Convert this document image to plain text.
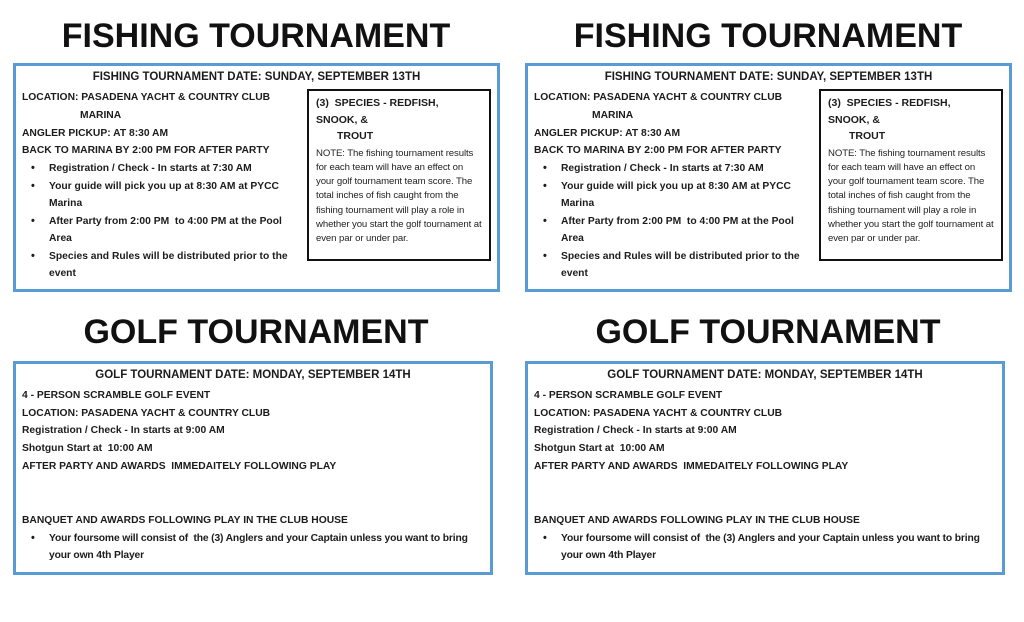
FISHING TOURNAMENT
FISHING TOURNAMENT DATE: SUNDAY, SEPTEMBER 13TH
LOCATION: PASADENA YACHT & COUNTRY CLUB
MARINA
ANGLER PICKUP: AT 8:30 AM
BACK TO MARINA BY 2:00 PM FOR AFTER PARTY
• Registration / Check - In starts at 7:30 AM
• Your guide will pick you up at 8:30 AM at PYCC Marina
• After Party from 2:00 PM  to 4:00 PM at the Pool Area
• Species and Rules will be distributed prior to the event
(3)  SPECIES - REDFISH, SNOOK, &
TROUT
NOTE: The fishing tournament results for each team will have an effect on your golf tournament team score. The total inches of fish caught from the fishing tournament will play a role in whether you start the golf tournament at even par or under par.
GOLF TOURNAMENT
GOLF TOURNAMENT DATE: MONDAY, SEPTEMBER 14TH
4 - PERSON SCRAMBLE GOLF EVENT
LOCATION: PASADENA YACHT & COUNTRY CLUB
Registration / Check - In starts at 9:00 AM
Shotgun Start at  10:00 AM
AFTER PARTY AND AWARDS  IMMEDAITELY FOLLOWING PLAY
BANQUET AND AWARDS FOLLOWING PLAY IN THE CLUB HOUSE
• Your foursome will consist of  the (3) Anglers and your Captain unless you want to bring your own 4th Player
FISHING TOURNAMENT
FISHING TOURNAMENT DATE: SUNDAY, SEPTEMBER 13TH
LOCATION: PASADENA YACHT & COUNTRY CLUB
MARINA
ANGLER PICKUP: AT 8:30 AM
BACK TO MARINA BY 2:00 PM FOR AFTER PARTY
• Registration / Check - In starts at 7:30 AM
• Your guide will pick you up at 8:30 AM at PYCC Marina
• After Party from 2:00 PM  to 4:00 PM at the Pool Area
• Species and Rules will be distributed prior to the event
(3)  SPECIES - REDFISH, SNOOK, &
TROUT
NOTE: The fishing tournament results for each team will have an effect on your golf tournament team score. The total inches of fish caught from the fishing tournament will play a role in whether you start the golf tournament at even par or under par.
GOLF TOURNAMENT
GOLF TOURNAMENT DATE: MONDAY, SEPTEMBER 14TH
4 - PERSON SCRAMBLE GOLF EVENT
LOCATION: PASADENA YACHT & COUNTRY CLUB
Registration / Check - In starts at 9:00 AM
Shotgun Start at  10:00 AM
AFTER PARTY AND AWARDS  IMMEDAITELY FOLLOWING PLAY
BANQUET AND AWARDS FOLLOWING PLAY IN THE CLUB HOUSE
• Your foursome will consist of  the (3) Anglers and your Captain unless you want to bring your own 4th Player
